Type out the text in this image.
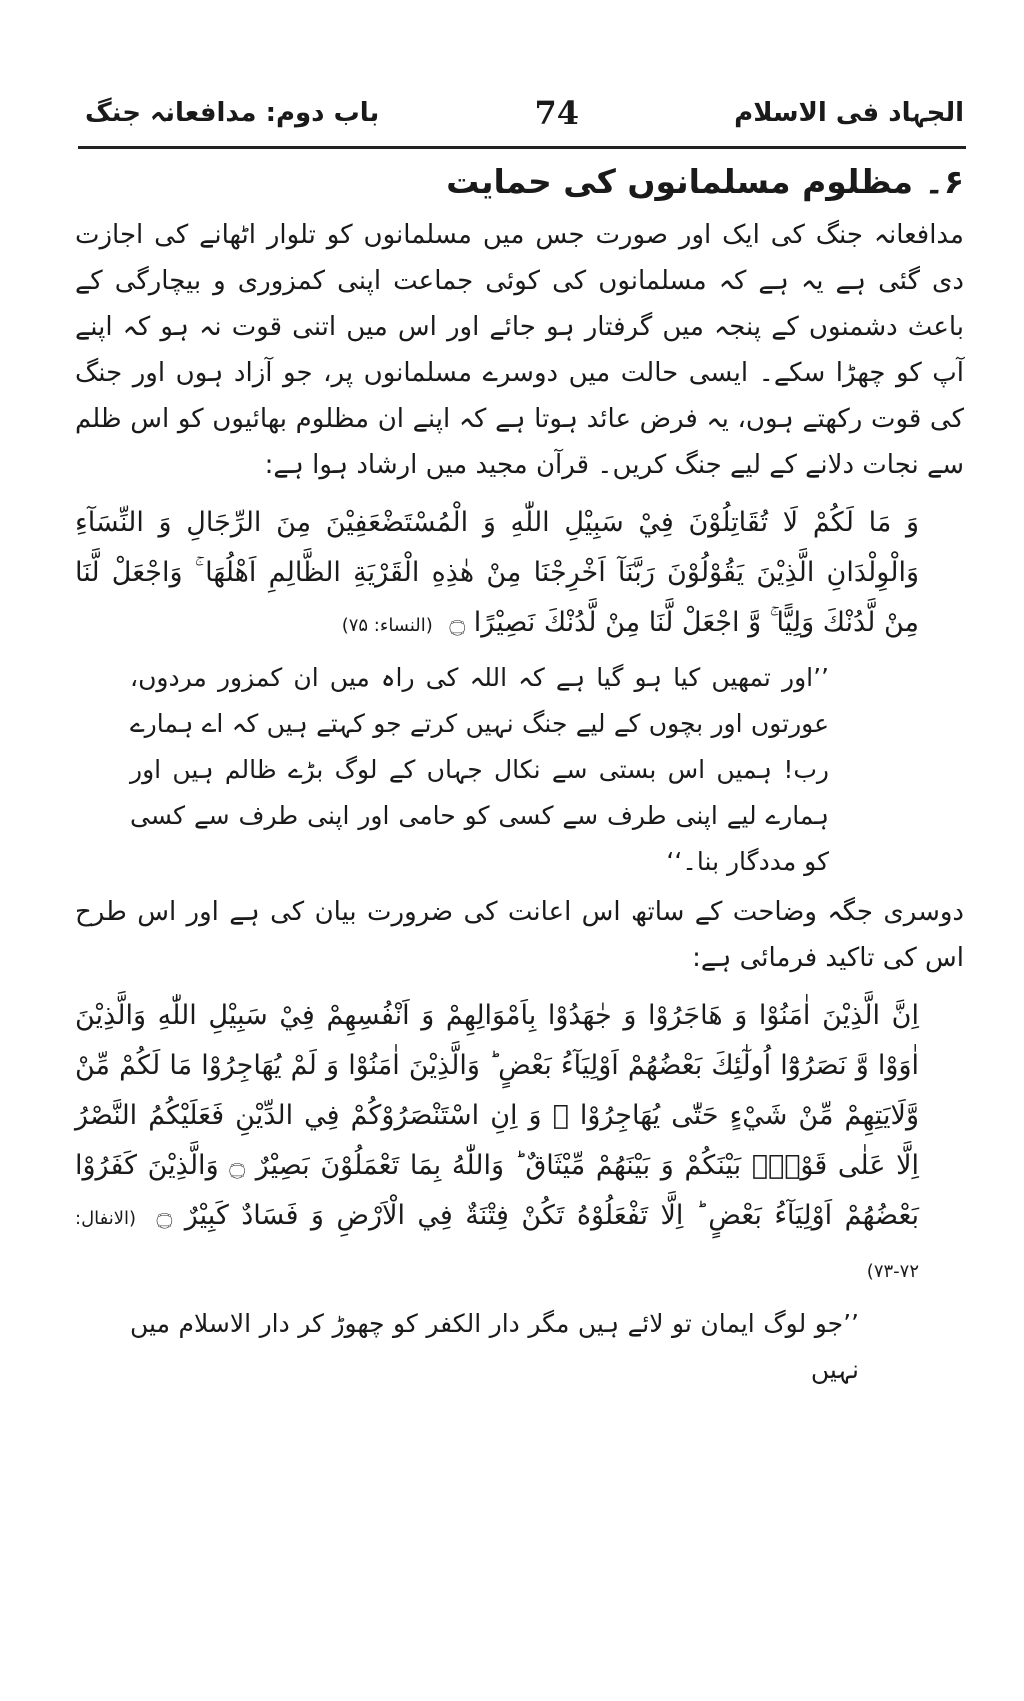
باب دوم: مدافعانہ جنگ	74	الجہاد فی الاسلام
۶۔ مظلوم مسلمانوں کی حمایت

مدافعانہ جنگ کی ایک اور صورت جس میں مسلمانوں کو تلوار اٹھانے کی اجازت دی گئی ہے یہ ہے کہ مسلمانوں کی کوئی جماعت اپنی کمزوری و بیچارگی کے باعث دشمنوں کے پنجہ میں گرفتار ہو جائے اور اس میں اتنی قوت نہ ہو کہ اپنے آپ کو چھڑا سکے۔ ایسی حالت میں دوسرے مسلمانوں پر، جو آزاد ہوں اور جنگ کی قوت رکھتے ہوں، یہ فرض عائد ہوتا ہے کہ اپنے ان مظلوم بھائیوں کو اس ظلم سے نجات دلانے کے لیے جنگ کریں۔ قرآن مجید میں ارشاد ہوا ہے:

وَ مَا لَكُمْ لَا تُقَاتِلُوْنَ فِيْ سَبِيْلِ اللّٰهِ وَ الْمُسْتَضْعَفِيْنَ مِنَ الرِّجَالِ وَ النِّسَآءِ وَالْوِلْدَانِ الَّذِيْنَ يَقُوْلُوْنَ رَبَّنَآ اَخْرِجْنَا مِنْ هٰذِهِ الْقَرْيَةِ الظَّالِمِ اَهْلُهَا ۚ وَاجْعَلْ لَّنَا مِنْ لَّدُنْكَ وَلِيًّا ۚ وَّ اجْعَلْ لَّنَا مِنْ لَّدُنْكَ نَصِيْرًا ۝ (النساء: ۷۵)

’’اور تمھیں کیا ہو گیا ہے کہ اللہ کی راہ میں ان کمزور مردوں، عورتوں اور بچوں کے لیے جنگ نہیں کرتے جو کہتے ہیں کہ اے ہمارے رب! ہمیں اس بستی سے نکال جہاں کے لوگ بڑے ظالم ہیں اور ہمارے لیے اپنی طرف سے کسی کو حامی اور اپنی طرف سے کسی کو مددگار بنا۔‘‘

دوسری جگہ وضاحت کے ساتھ اس اعانت کی ضرورت بیان کی ہے اور اس طرح اس کی تاکید فرمائی ہے:

اِنَّ الَّذِيْنَ اٰمَنُوْا وَ هَاجَرُوْا وَ جٰهَدُوْا بِاَمْوَالِهِمْ وَ اَنْفُسِهِمْ فِيْ سَبِيْلِ اللّٰهِ وَالَّذِيْنَ اٰوَوْا وَّ نَصَرُوْٓا اُولٰٓئِكَ بَعْضُهُمْ اَوْلِيَآءُ بَعْضٍ ؕ وَالَّذِيْنَ اٰمَنُوْا وَ لَمْ يُهَاجِرُوْا مَا لَكُمْ مِّنْ وَّلَايَتِهِمْ مِّنْ شَيْءٍ حَتّٰى يُهَاجِرُوْا ۚ وَ اِنِ اسْتَنْصَرُوْكُمْ فِي الدِّيْنِ فَعَلَيْكُمُ النَّصْرُ اِلَّا عَلٰى قَوْمٍۭ بَيْنَكُمْ وَ بَيْنَهُمْ مِّيْثَاقٌ ؕ وَاللّٰهُ بِمَا تَعْمَلُوْنَ بَصِيْرٌ ۝ وَالَّذِيْنَ كَفَرُوْا بَعْضُهُمْ اَوْلِيَآءُ بَعْضٍ ؕ اِلَّا تَفْعَلُوْهُ تَكُنْ فِتْنَةٌ فِي الْاَرْضِ وَ فَسَادٌ كَبِيْرٌ ۝ (الانفال: ۷۲-۷۳)

’’جو لوگ ایمان تو لائے ہیں مگر دار الکفر کو چھوڑ کر دار الاسلام میں نہیں
